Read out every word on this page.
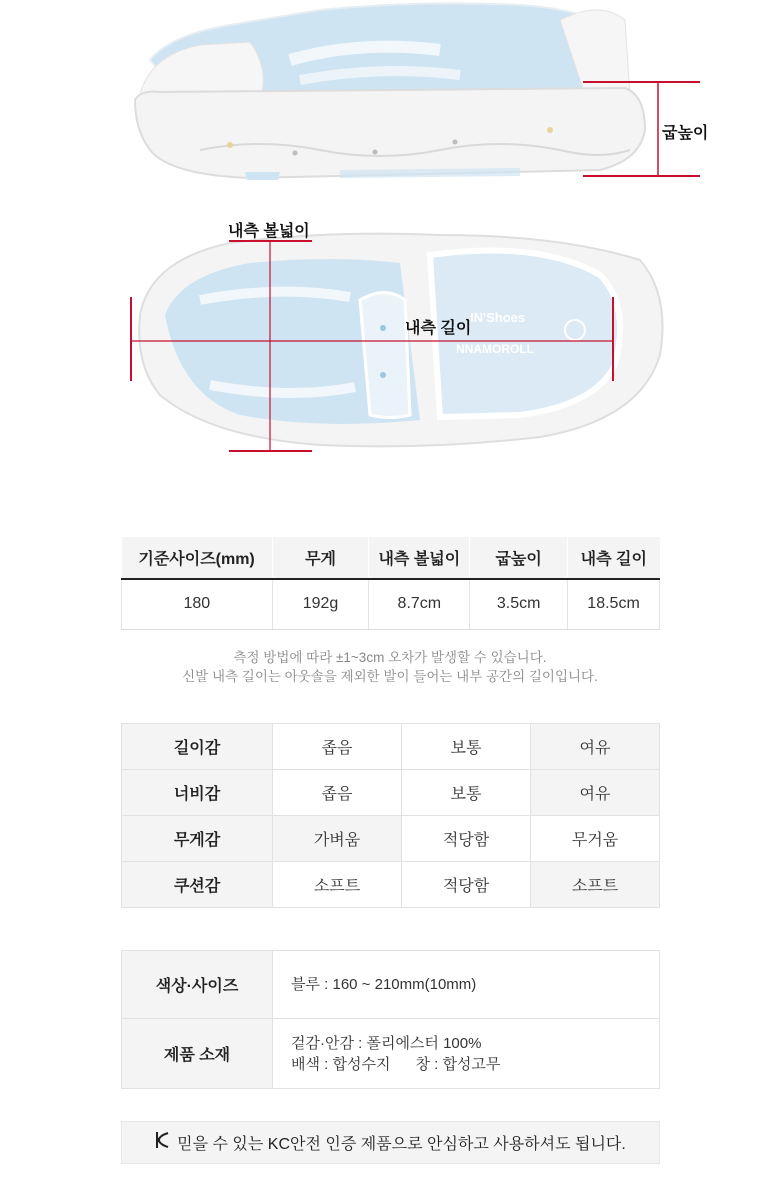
굽높이
IN'Shoes
NNAMOROLL
내측 볼넓이
내측 길이
기준사이즈(mm)	무게	내측 볼넓이	굽높이	내측 길이
180	192g	8.7cm	3.5cm	18.5cm
측정 방법에 따라 ±1~3cm 오차가 발생할 수 있습니다.
신발 내측 길이는 아웃솔을 제외한 발이 들어는 내부 공간의 길이입니다.
길이감	좁음	보통	여유
너비감	좁음	보통	여유
무게감	가벼움	적당함	무거움
쿠션감	소프트	적당함	소프트
색상·사이즈	블루 : 160 ~ 210mm(10mm)
제품 소재	겉감·안감 : 폴리에스터 100%
배색 : 합성수지      창 : 합성고무
믿을 수 있는 KC안전 인증 제품으로 안심하고 사용하셔도 됩니다.
